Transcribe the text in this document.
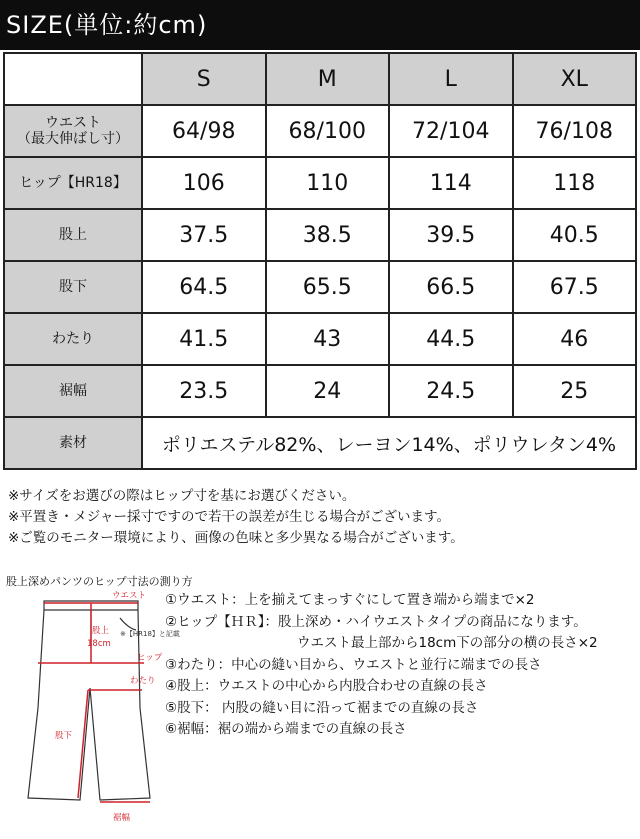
SIZE(単位:約cm)
	S	M	L	XL
ウエスト
（最大伸ばし寸）	64/98	68/100	72/104	76/108
ヒップ【HR18】	106	110	114	118
股上	37.5	38.5	39.5	40.5
股下	64.5	65.5	66.5	67.5
わたり	41.5	43	44.5	46
裾幅	23.5	24	24.5	25
素材	ポリエステル82%、レーヨン14%、ポリウレタン4%			
※サイズをお選びの際はヒップ寸を基にお選びください。
※平置き・メジャー採寸ですので若干の誤差が生じる場合がございます。
※ご覧のモニター環境により、画像の色味と多少異なる場合がございます。
股上深めパンツのヒップ寸法の測り方
ウエスト
股上
18cm
ヒップ
わたり
股下
裾幅
※【HR18】と記載
①ウエスト：上を揃えてまっすぐにして置き端から端まで×2
②ヒップ【ＨＲ】：股上深め・ハイウエストタイプの商品になります。
ウエスト最上部から18cm下の部分の横の長さ×2
③わたり：中心の縫い目から、ウエストと並行に端までの長さ
④股上：ウエストの中心から内股合わせの直線の長さ
⑤股下： 内股の縫い目に沿って裾までの直線の長さ
⑥裾幅：裾の端から端までの直線の長さ
